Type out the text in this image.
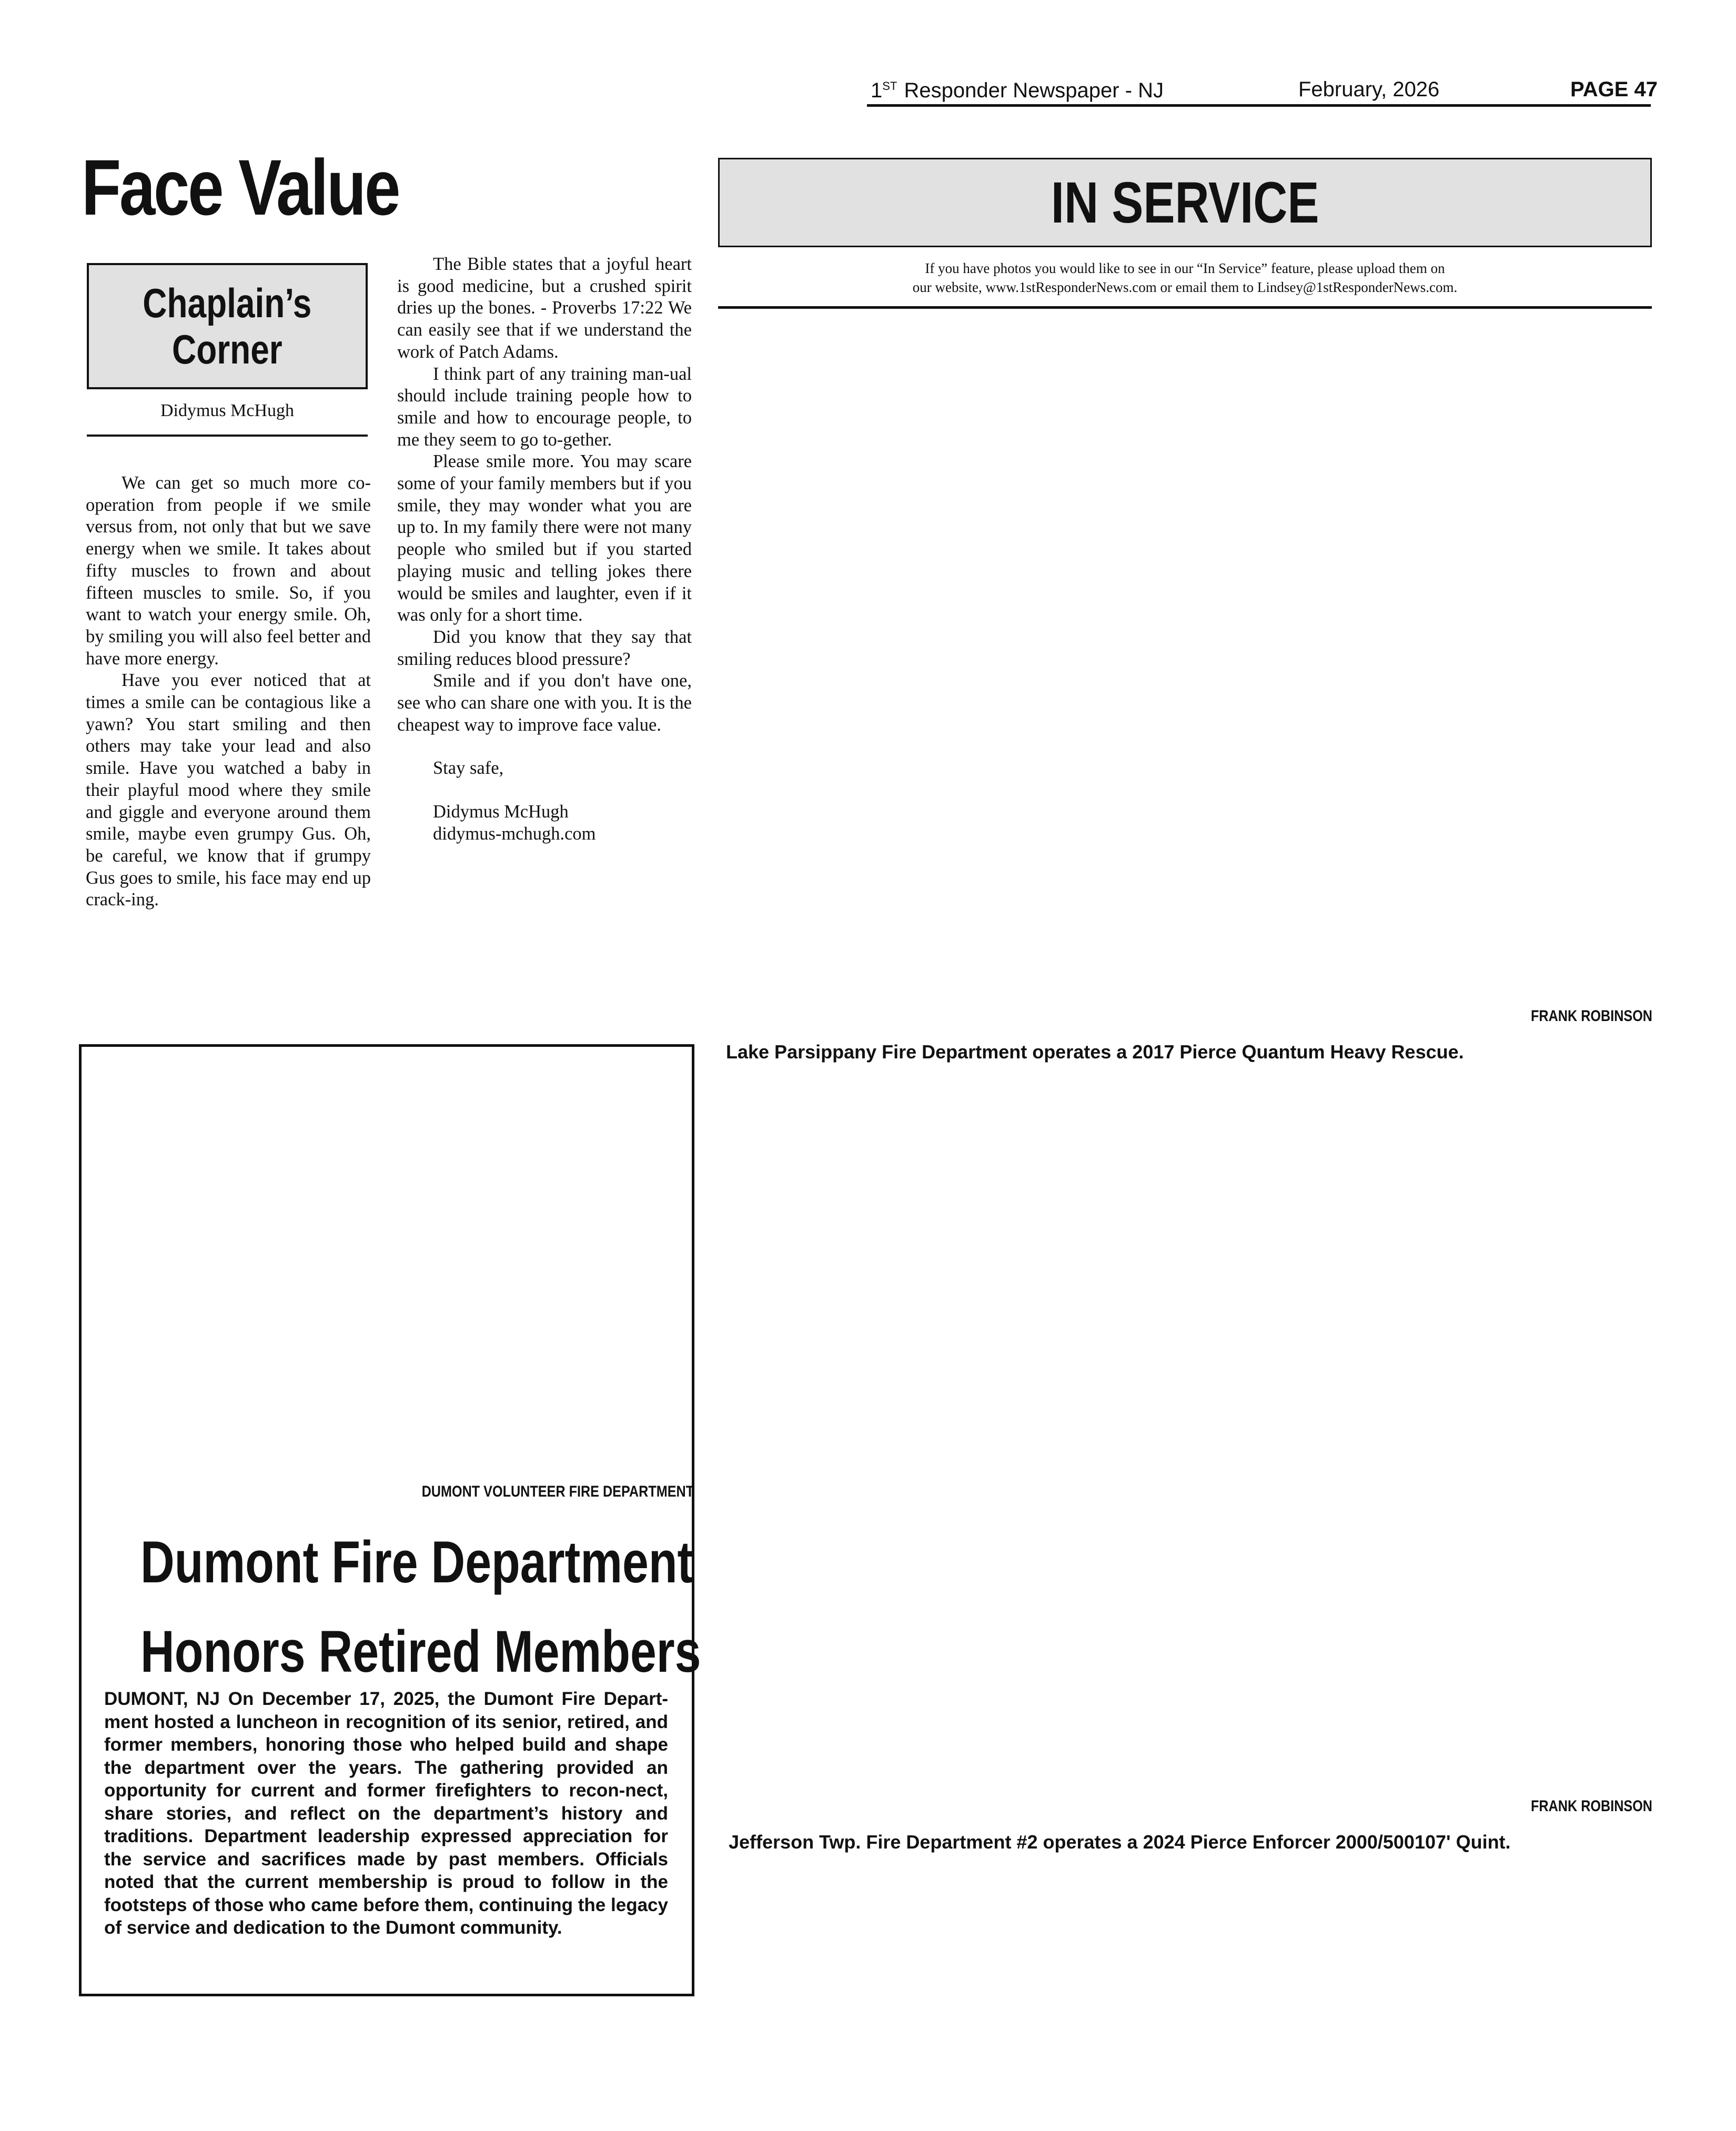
1ST Responder Newspaper - NJ	February, 2026	PAGE 47
Face Value
Chaplain’s
Corner
Didymus McHugh

We can get so much more co-operation from people if we smile versus from, not only that but we save energy when we smile. It takes about fifty muscles to frown and about fifteen muscles to smile. So, if you want to watch your energy smile. Oh, by smiling you will also feel better and have more energy.

Have you ever noticed that at times a smile can be contagious like a yawn? You start smiling and then others may take your lead and also smile. Have you watched a baby in their playful mood where they smile and giggle and everyone around them smile, maybe even grumpy Gus. Oh, be careful, we know that if grumpy Gus goes to smile, his face may end up crack-ing.

The Bible states that a joyful heart is good medicine, but a crushed spirit dries up the bones. - Proverbs 17:22 We can easily see that if we understand the work of Patch Adams.

I think part of any training man-ual should include training people how to smile and how to encourage people, to me they seem to go to-gether.

Please smile more. You may scare some of your family members but if you smile, they may wonder what you are up to. In my family there were not many people who smiled but if you started playing music and telling jokes there would be smiles and laughter, even if it was only for a short time.

Did you know that they say that smiling reduces blood pressure?

Smile and if you don't have one, see who can share one with you. It is the cheapest way to improve face value.

Stay safe,

Didymus McHugh

didymus-mchugh.com

IN SERVICE
If you have photos you would like to see in our “In Service” feature, please upload them on
our website, www.1stResponderNews.com or email them to Lindsey@1stResponderNews.com.
FRANK ROBINSON
Lake Parsippany Fire Department operates a 2017 Pierce Quantum Heavy Rescue.
FRANK ROBINSON
Jefferson Twp. Fire Department #2 operates a 2024 Pierce Enforcer 2000/500107' Quint.
DUMONT VOLUNTEER FIRE DEPARTMENT
Dumont Fire Department
Honors Retired Members
DUMONT, NJ On December 17, 2025, the Dumont Fire Depart-ment hosted a luncheon in recognition of its senior, retired, and former members, honoring those who helped build and shape the department over the years. The gathering provided an opportunity for current and former firefighters to recon-nect, share stories, and reflect on the department’s history and traditions. Department leadership expressed appreciation for the service and sacrifices made by past members. Officials noted that the current membership is proud to follow in the footsteps of those who came before them, continuing the legacy of service and dedication to the Dumont community.
